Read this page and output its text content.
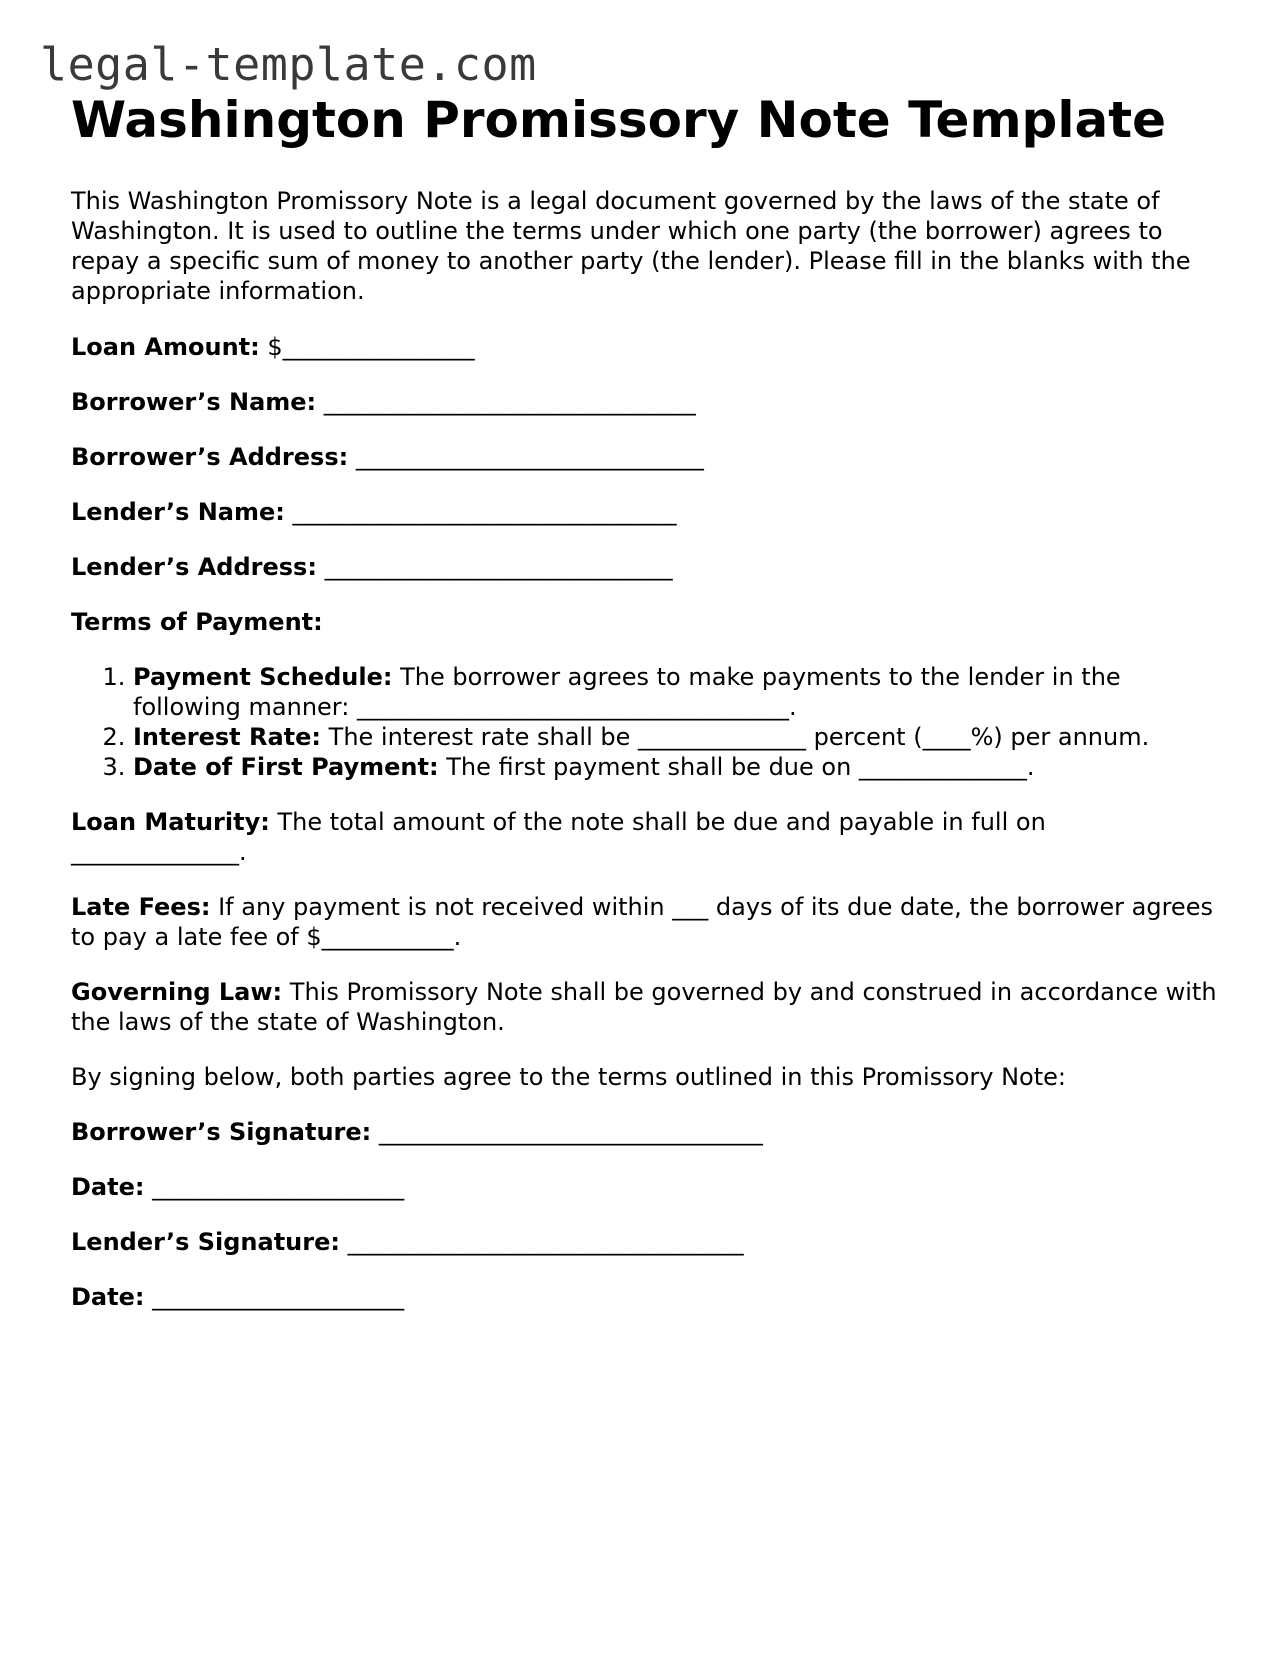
legal-template.com
Washington Promissory Note Template

This Washington Promissory Note is a legal document governed by the laws of the state of Washington. It is used to outline the terms under which one party (the borrower) agrees to repay a specific sum of money to another party (the lender). Please fill in the blanks with the appropriate information.

Loan Amount: $________________

Borrower’s Name: _______________________________

Borrower’s Address: _____________________________

Lender’s Name: ________________________________

Lender’s Address: _____________________________

Terms of Payment:

1. Payment Schedule: The borrower agrees to make payments to the lender in the following manner: ____________________________________.
2. Interest Rate: The interest rate shall be ______________ percent (____%) per annum.
3. Date of First Payment: The first payment shall be due on ______________.

Loan Maturity: The total amount of the note shall be due and payable in full on ______________.

Late Fees: If any payment is not received within ___ days of its due date, the borrower agrees to pay a late fee of $___________.

Governing Law: This Promissory Note shall be governed by and construed in accordance with the laws of the state of Washington.

By signing below, both parties agree to the terms outlined in this Promissory Note:

Borrower’s Signature: ________________________________

Date: _____________________

Lender’s Signature: _________________________________

Date: _____________________
